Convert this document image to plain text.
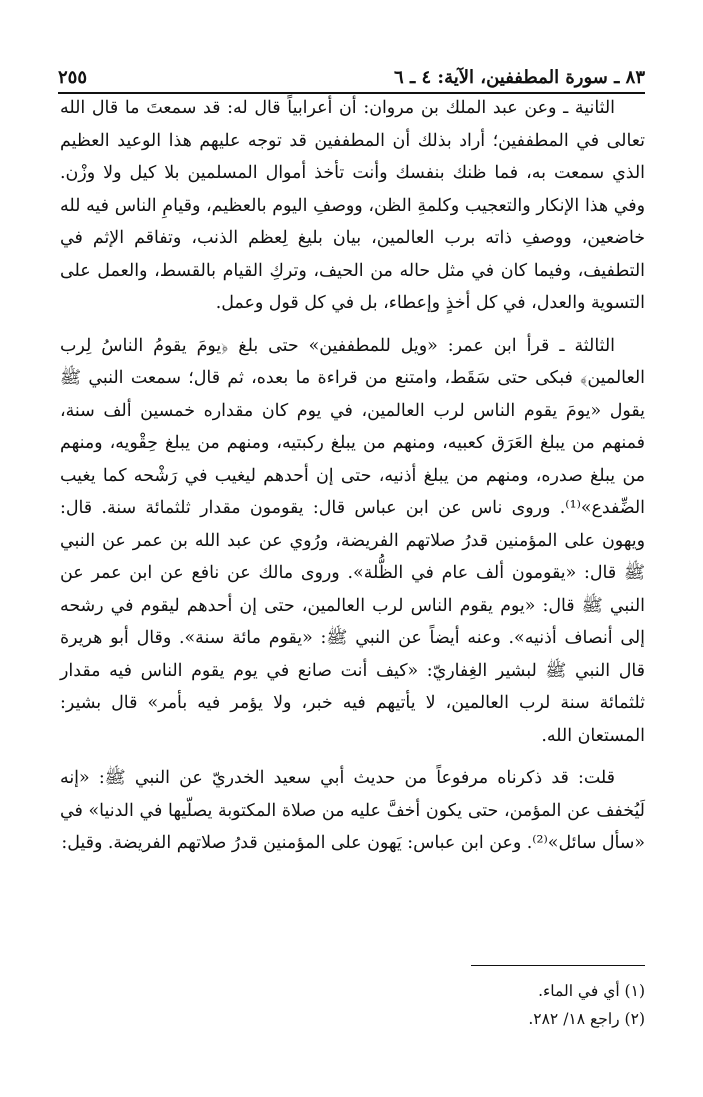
٢٥٥	٨٣ ـ سورة المطففين، الآية: ٤ ـ ٦

الثانية ـ وعن عبد الملك بن مروان: أن أعرابياً قال له: قد سمعتَ ما قال الله تعالى في المطففين؛ أراد بذلك أن المطففين قد توجه عليهم هذا الوعيد العظيم الذي سمعت به، فما ظنك بنفسك وأنت تأخذ أموال المسلمين بلا كيل ولا وزْن. وفي هذا الإنكار والتعجيب وكلمةِ الظن، ووصفِ اليوم بالعظيم، وقيامِ الناس فيه لله خاضعين، ووصفِ ذاته برب العالمين، بيان بليغ لِعظم الذنب، وتفاقم الإثم في التطفيف، وفيما كان في مثل حاله من الحيف، وتركِ القيام بالقسط، والعمل على التسوية والعدل، في كل أخذٍ وإعطاء، بل في كل قول وعمل.

الثالثة ـ قرأ ابن عمر: «ويل للمطففين» حتى بلغ ﴿يومَ يقومُ الناسُ لِرب العالمين﴾ فبكى حتى سَقَط، وامتنع من قراءة ما بعده، ثم قال؛ سمعت النبي ﷺ يقول «يومَ يقوم الناس لرب العالمين، في يوم كان مقداره خمسين ألف سنة، فمنهم من يبلغ العَرَق كعبيه، ومنهم من يبلغ ركبتيه، ومنهم من يبلغ حِقْويه، ومنهم من يبلغ صدره، ومنهم من يبلغ أذنيه، حتى إن أحدهم ليغيب في رَشْحه كما يغيب الضِّفدع»⁽¹⁾. وروى ناس عن ابن عباس قال: يقومون مقدار ثلثمائة سنة. قال: ويهون على المؤمنين قدرُ صلاتهم الفريضة، ورُوي عن عبد الله بن عمر عن النبي ﷺ قال: «يقومون ألف عام في الظُّلة». وروى مالك عن نافع عن ابن عمر عن النبي ﷺ قال: «يوم يقوم الناس لرب العالمين، حتى إن أحدهم ليقوم في رشحه إلى أنصاف أذنيه». وعنه أيضاً عن النبي ﷺ: «يقوم مائة سنة». وقال أبو هريرة قال النبي ﷺ لبشير الغِفاريّ: «كيف أنت صانع في يوم يقوم الناس فيه مقدار ثلثمائة سنة لرب العالمين، لا يأتيهم فيه خبر، ولا يؤمر فيه بأمر» قال بشير: المستعان الله.

قلت: قد ذكرناه مرفوعاً من حديث أبي سعيد الخدريّ عن النبي ﷺ: «إنه لَيُخفف عن المؤمن، حتى يكون أخفَّ عليه من صلاة المكتوبة يصلّيها في الدنيا» في «سأل سائل»⁽²⁾. وعن ابن عباس: يَهون على المؤمنين قدرُ صلاتهم الفريضة. وقيل:

(١) أي في الماء.

(٢) راجع ١٨/ ٢٨٢.
